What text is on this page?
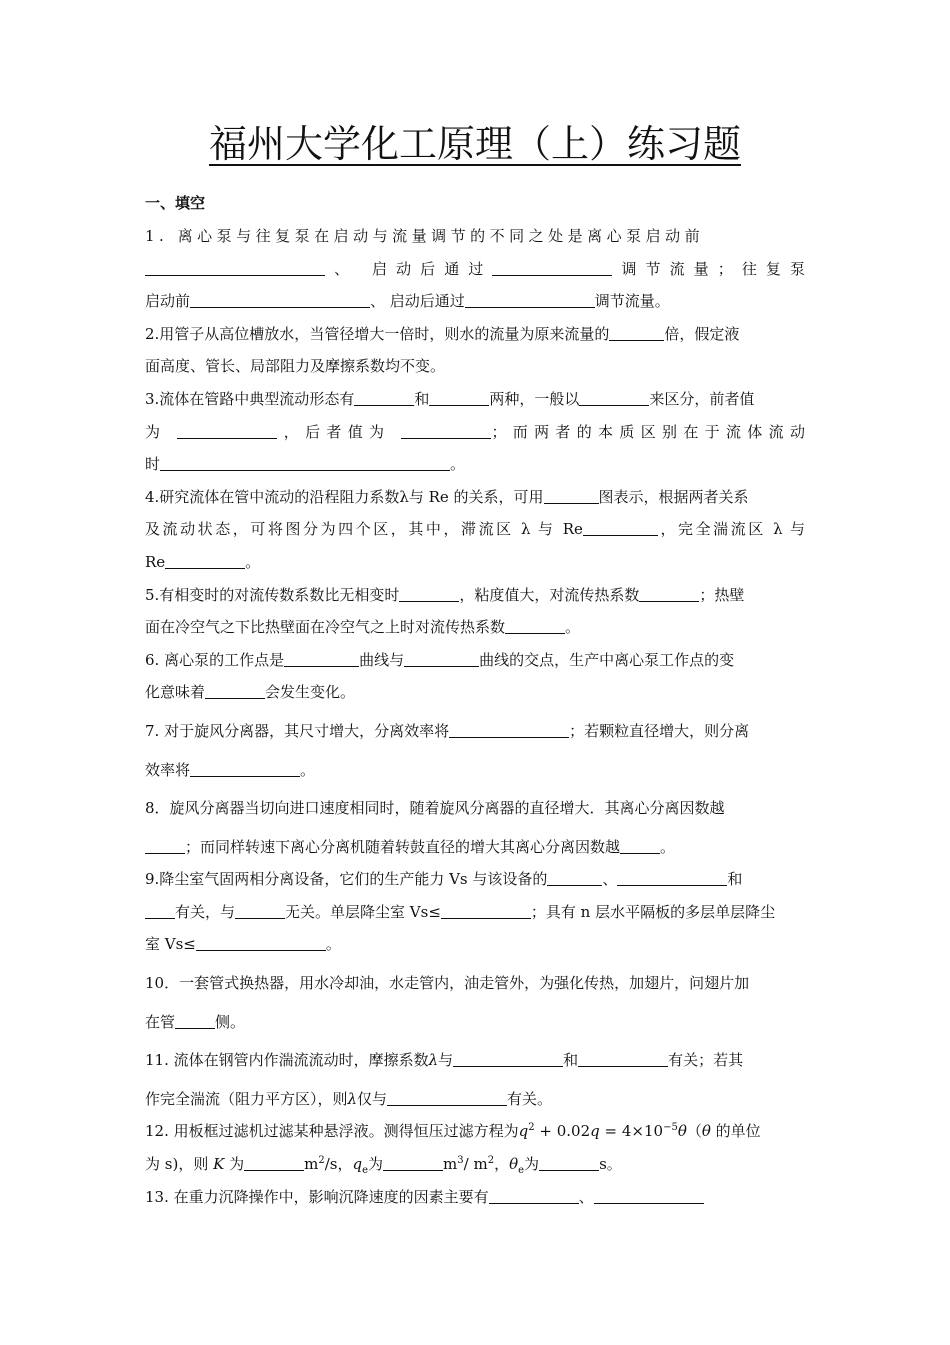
福州大学化工原理（上）练习题
一、填空

1. 离心泵与往复泵在启动与流量调节的不同之处是离心泵启动前

、 启动后通过	调节流量；往复泵

启动前	、 启动后通过	调节流量。

2.用管子从高位槽放水，当管径增大一倍时，则水的流量为原来流量的	倍，假定液

面高度、管长、局部阻力及摩擦系数均不变。

3.流体在管路中典型流动形态有	和	两种，一般以	来区分，前者值

为	，后者值为	；而两者的本质区别在于流体流动

时	。

4.研究流体在管中流动的沿程阻力系数λ与 Re 的关系，可用	图表示，根据两者关系

及流动状态，可将图分为四个区，其中，滞流区 λ 与 Re	，完全湍流区 λ 与

Re	。

5.有相变时的对流传数系数比无相变时	，粘度值大，对流传热系数	；热壁

面在冷空气之下比热壁面在冷空气之上时对流传热系数	。

6. 离心泵的工作点是	曲线与	曲线的交点，生产中离心泵工作点的变

化意味着	会发生变化。

7. 对于旋风分离器，其尺寸增大，分离效率将	；若颗粒直径增大，则分离

效率将	。

8．旋风分离器当切向进口速度相同时，随着旋风分离器的直径增大．其离心分离因数越

；而同样转速下离心分离机随着转鼓直径的增大其离心分离因数越	。

9.降尘室气固两相分离设备，它们的生产能力 Vs 与该设备的	、	和

有关，与	无关。单层降尘室 Vs≤	；具有 n 层水平隔板的多层单层降尘

室 Vs≤	。

10．一套管式换热器，用水冷却油，水走管内，油走管外，为强化传热，加翅片，问翅片加

在管	侧。

11. 流体在钢管内作湍流流动时，摩擦系数λ与	和	有关；若其

作完全湍流（阻力平方区），则λ仅与	有关。

12. 用板框过滤机过滤某种悬浮液。测得恒压过滤方程为$q^2 + 0.02q = 4\times 10^{-5}\theta(\theta$ 的单位

为 s)，则 K 为	$m^2/s$，$q_e$为	$m^3/$ $m^2$，$\theta_e$为	s。

13. 在重力沉降操作中，影响沉降速度的因素主要有	、
